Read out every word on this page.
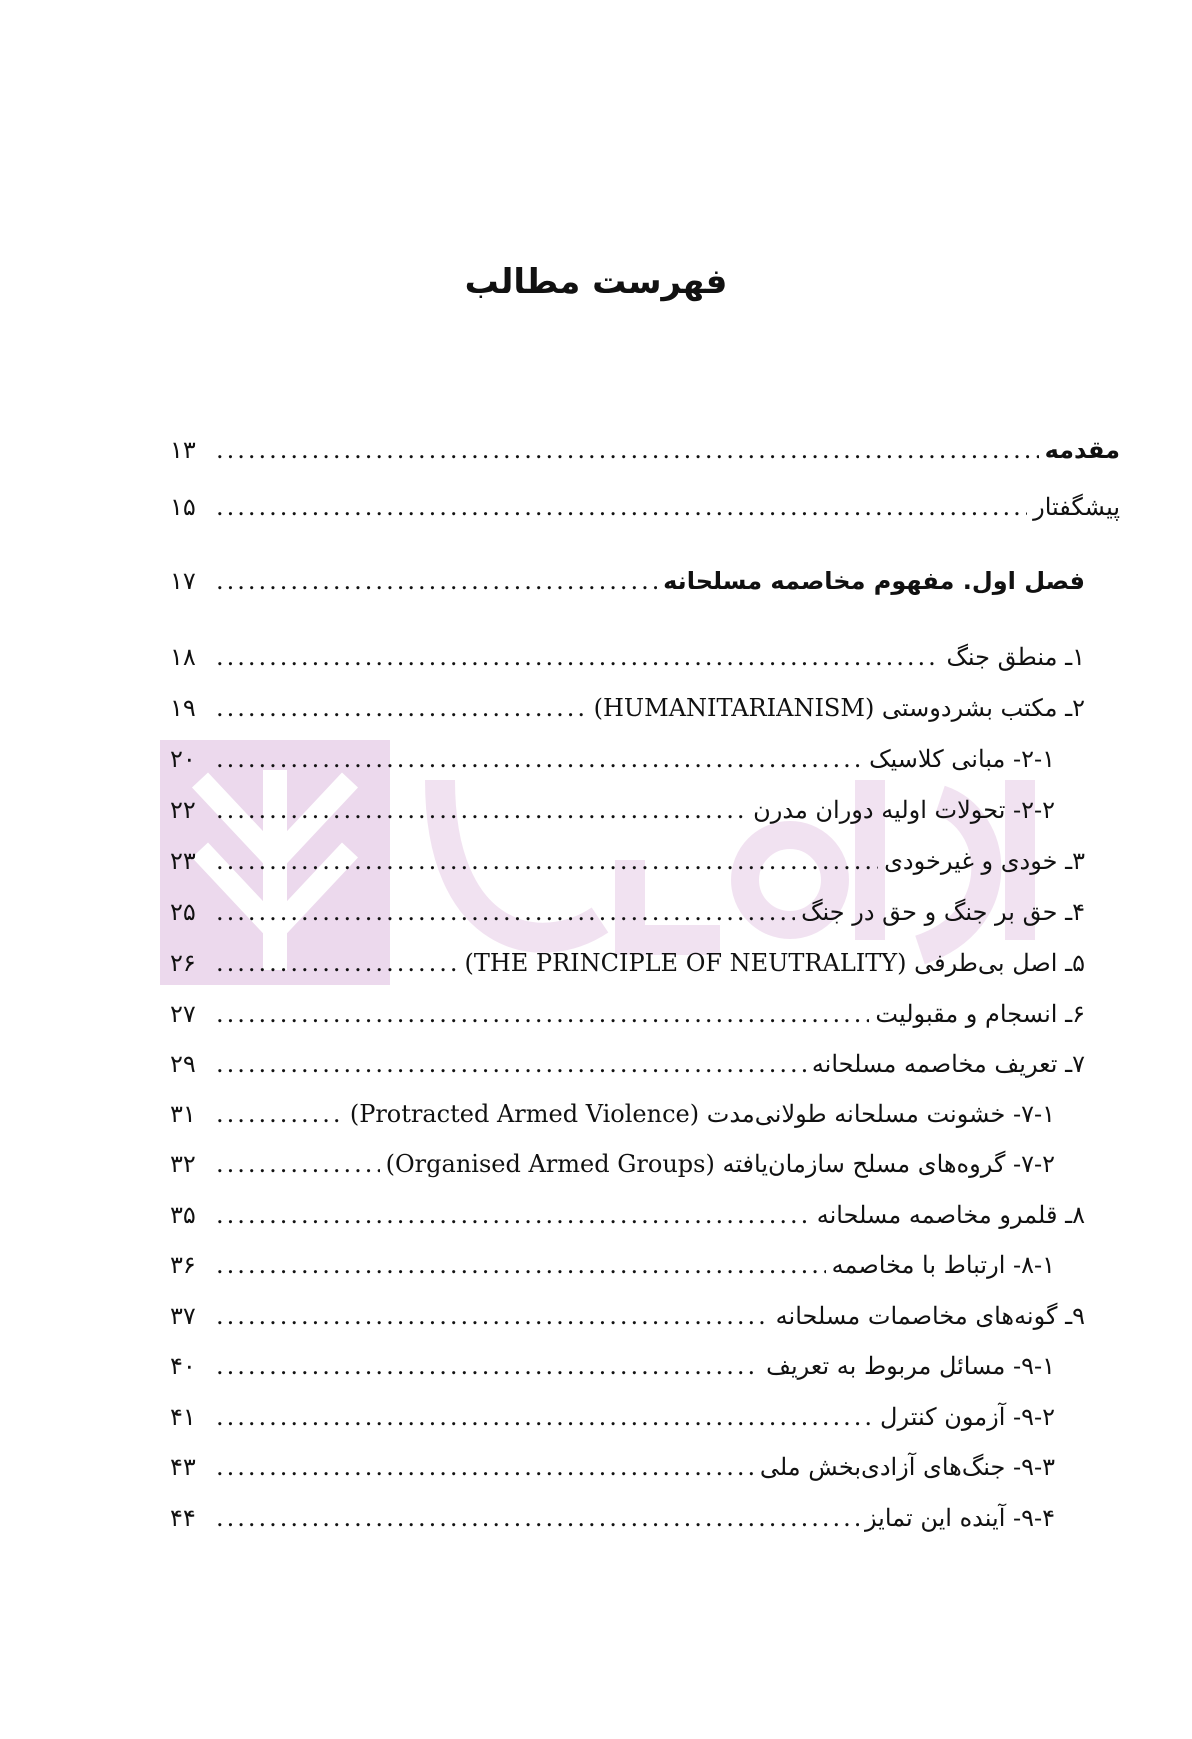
فهرست مطالب
مقدمه
.....
۱۳
پیشگفتار
.....
۱۵
فصل اول. مفهوم مخاصمه مسلحانه
.....
۱۷
۱ـ منطق جنگ
.....
۱۸
۲ـ مکتب بشردوستی (HUMANITARIANISM)
.....
۱۹
۲-۱- مبانی کلاسیک
.....
۲۰
۲-۲- تحولات اولیه دوران مدرن
.....
۲۲
۳ـ خودی و غیرخودی
.....
۲۳
۴ـ حق بر جنگ و حق در جنگ
.....
۲۵
۵ـ اصل بی‌طرفی (THE PRINCIPLE OF NEUTRALITY)
.....
۲۶
۶ـ انسجام و مقبولیت
.....
۲۷
۷ـ تعریف مخاصمه مسلحانه
.....
۲۹
۷-۱- خشونت مسلحانه طولانی‌مدت (Protracted Armed Violence)
.....
۳۱
۷-۲- گروه‌های مسلح سازمان‌یافته (Organised Armed Groups)
.....
۳۲
۸ـ قلمرو مخاصمه مسلحانه
.....
۳۵
۸-۱- ارتباط با مخاصمه
.....
۳۶
۹ـ گونه‌های مخاصمات مسلحانه
.....
۳۷
۹-۱- مسائل مربوط به تعریف
.....
۴۰
۹-۲- آزمون کنترل
.....
۴۱
۹-۳- جنگ‌های آزادی‌بخش ملی
.....
۴۳
۹-۴- آینده این تمایز
.....
۴۴
